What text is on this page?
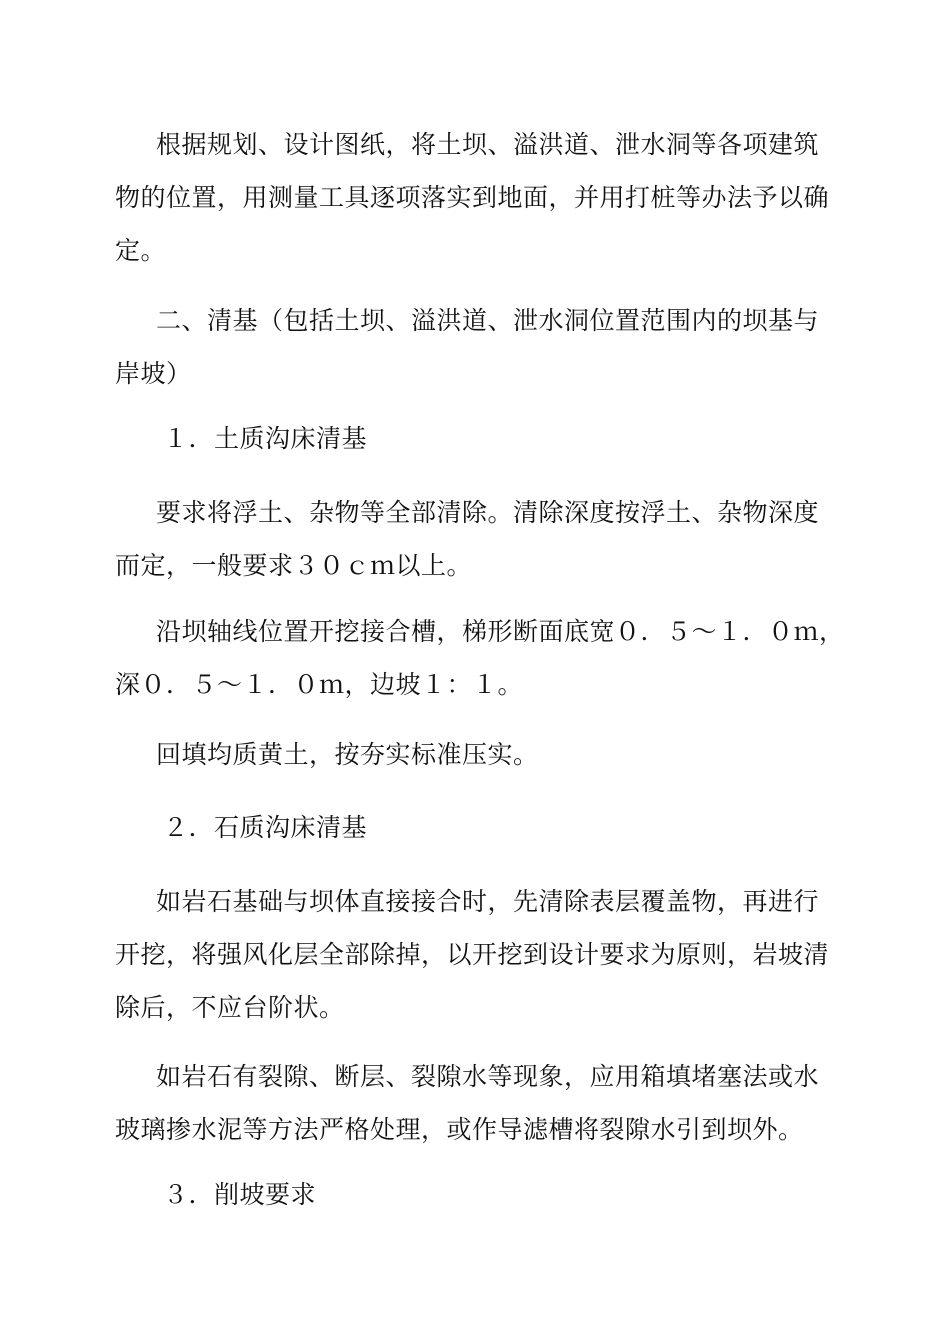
根据规划、设计图纸，将土坝、溢洪道、泄水洞等各项建筑
物的位置，用测量工具逐项落实到地面，并用打桩等办法予以确
定。

二、清基（包括土坝、溢洪道、泄水洞位置范围内的坝基与
岸坡）

１．土质沟床清基

要求将浮土、杂物等全部清除。清除深度按浮土、杂物深度
而定，一般要求３０ｃｍ以上。

沿坝轴线位置开挖接合槽，梯形断面底宽０．５～１．０ｍ，
深０．５～１．０ｍ，边坡１：１。

回填均质黄土，按夯实标准压实。

２．石质沟床清基

如岩石基础与坝体直接接合时，先清除表层覆盖物，再进行
开挖，将强风化层全部除掉，以开挖到设计要求为原则，岩坡清
除后，不应台阶状。

如岩石有裂隙、断层、裂隙水等现象，应用箱填堵塞法或水
玻璃掺水泥等方法严格处理，或作导滤槽将裂隙水引到坝外。

３．削坡要求
